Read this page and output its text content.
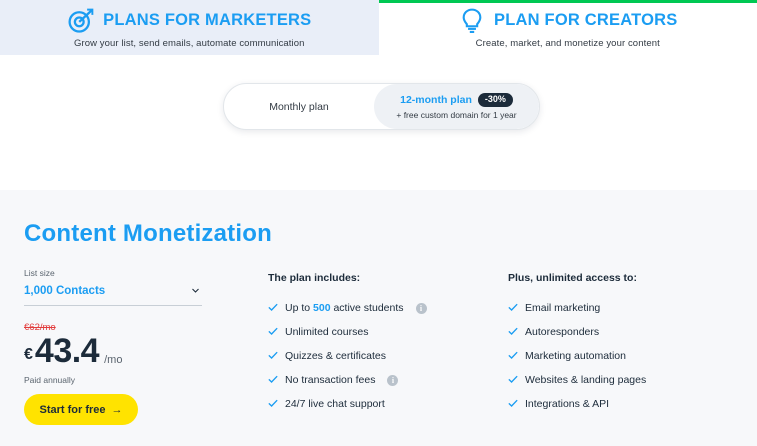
PLANS FOR MARKETERS
Grow your list, send emails, automate communication
PLAN FOR CREATORS
Create, market, and monetize your content
Monthly plan
12-month plan	-30%
+ free custom domain for 1 year
Content Monetization
List size
1,000 Contacts
€62/mo
€ 43.4 /mo
Paid annually
Start for free →
The plan includes:
Up to 500 active students	i
Unlimited courses
Quizzes & certificates
No transaction fees	i
24/7 live chat support
Plus, unlimited access to:
Email marketing
Autoresponders
Marketing automation
Websites & landing pages
Integrations & API
